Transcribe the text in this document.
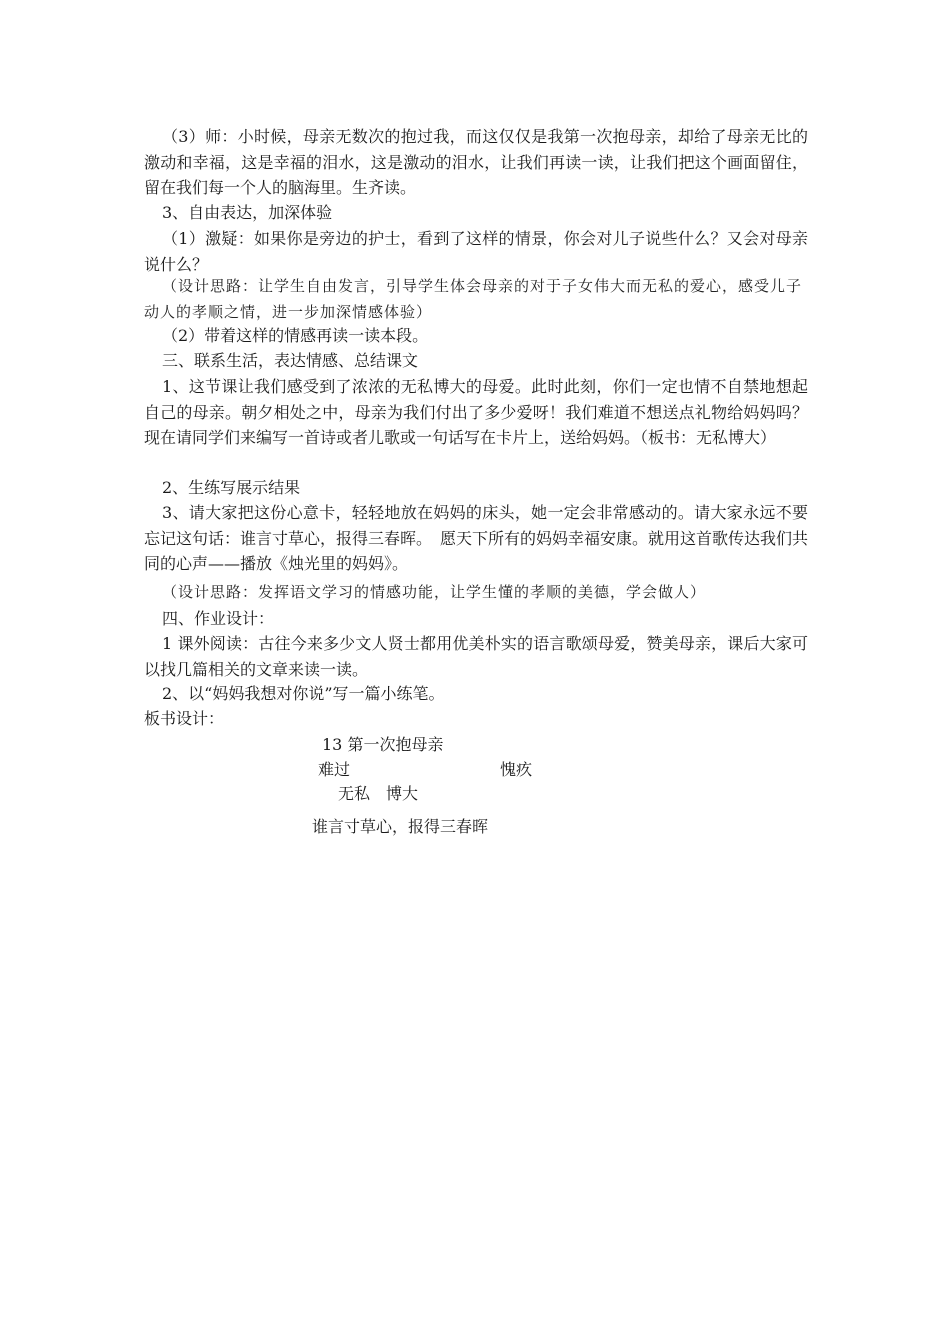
（3）师：小时候，母亲无数次的抱过我，而这仅仅是我第一次抱母亲，却给了母亲无比的激动和幸福，这是幸福的泪水，这是激动的泪水，让我们再读一读，让我们把这个画面留住，留在我们每一个人的脑海里。生齐读。

3、自由表达，加深体验

（1）激疑：如果你是旁边的护士，看到了这样的情景，你会对儿子说些什么？又会对母亲说什么？

（设计思路：让学生自由发言，引导学生体会母亲的对于子女伟大而无私的爱心，感受儿子动人的孝顺之情，进一步加深情感体验）

（2）带着这样的情感再读一读本段。

三、联系生活，表达情感、总结课文

1、这节课让我们感受到了浓浓的无私博大的母爱。此时此刻，你们一定也情不自禁地想起自己的母亲。朝夕相处之中，母亲为我们付出了多少爱呀！我们难道不想送点礼物给妈妈吗？现在请同学们来编写一首诗或者儿歌或一句话写在卡片上，送给妈妈。（板书：无私博大）

2、生练写展示结果

3、请大家把这份心意卡，轻轻地放在妈妈的床头，她一定会非常感动的。请大家永远不要忘记这句话：谁言寸草心，报得三春晖。　愿天下所有的妈妈幸福安康。就用这首歌传达我们共同的心声——播放《烛光里的妈妈》。

（设计思路：发挥语文学习的情感功能，让学生懂的孝顺的美德，学会做人）

四、作业设计：

1 课外阅读：古往今来多少文人贤士都用优美朴实的语言歌颂母爱，赞美母亲，课后大家可以找几篇相关的文章来读一读。

2、以“妈妈我想对你说”写一篇小练笔。

板书设计：

13 第一次抱母亲
难过	愧疚
无私　博大
谁言寸草心，报得三春晖
